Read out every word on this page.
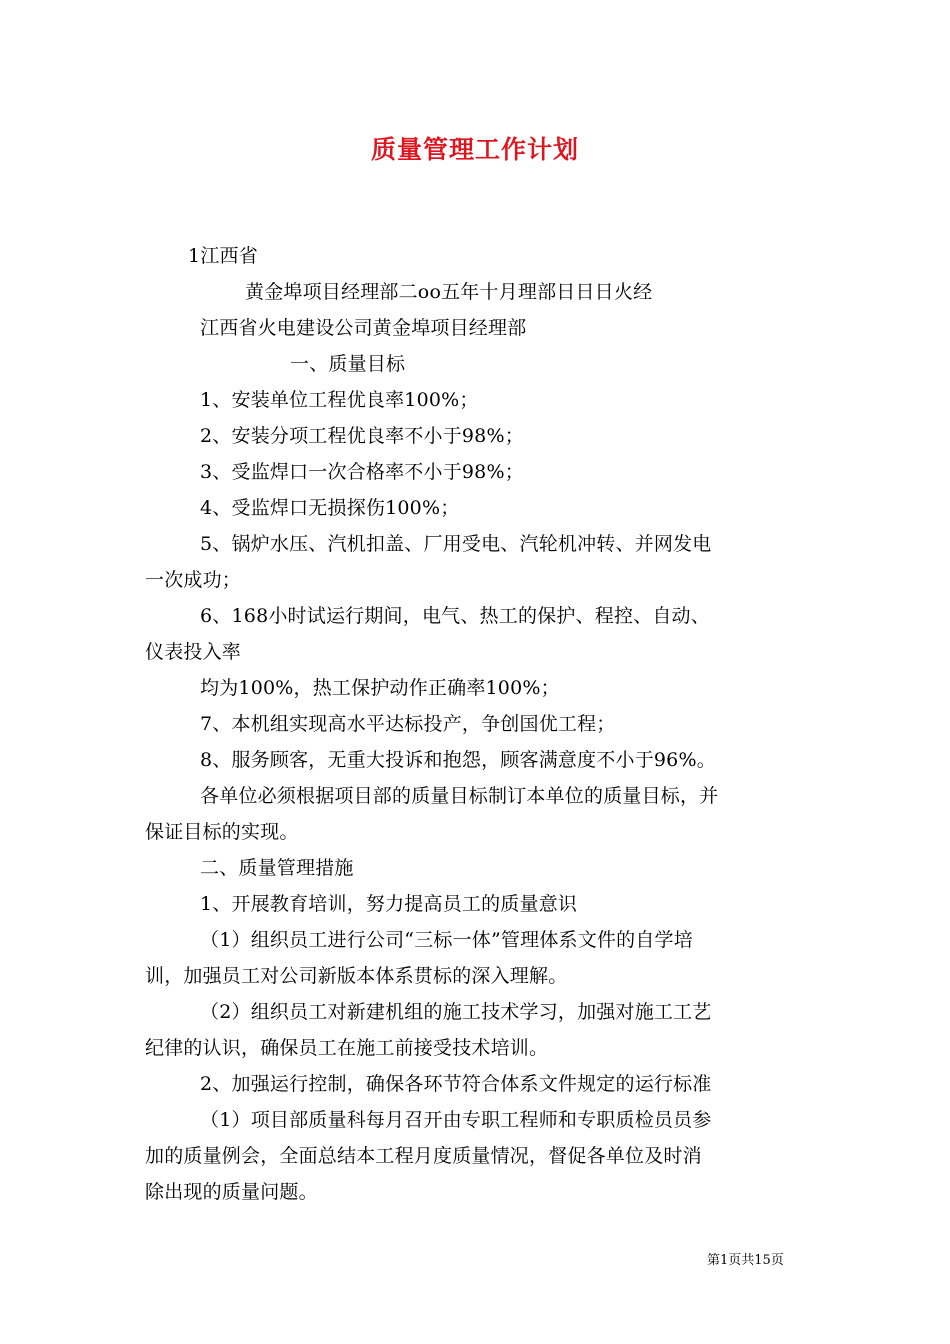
质量管理工作计划
1江西省
黄金埠项目经理部二oo五年十月理部日日日火经
江西省火电建设公司黄金埠项目经理部
一、质量目标
1、安装单位工程优良率100%；
2、安装分项工程优良率不小于98%；
3、受监焊口一次合格率不小于98%；
4、受监焊口无损探伤100%；
5、锅炉水压、汽机扣盖、厂用受电、汽轮机冲转、并网发电
一次成功；
6、168小时试运行期间，电气、热工的保护、程控、自动、
仪表投入率
均为100%，热工保护动作正确率100%；
7、本机组实现高水平达标投产，争创国优工程；
8、服务顾客，无重大投诉和抱怨，顾客满意度不小于96%。
各单位必须根据项目部的质量目标制订本单位的质量目标，并
保证目标的实现。
二、质量管理措施
1、开展教育培训，努力提高员工的质量意识
（1）组织员工进行公司“三标一体”管理体系文件的自学培
训，加强员工对公司新版本体系贯标的深入理解。
（2）组织员工对新建机组的施工技术学习，加强对施工工艺
纪律的认识，确保员工在施工前接受技术培训。
2、加强运行控制，确保各环节符合体系文件规定的运行标准
（1）项目部质量科每月召开由专职工程师和专职质检员员参
加的质量例会，全面总结本工程月度质量情况，督促各单位及时消
除出现的质量问题。
第1页共15页
